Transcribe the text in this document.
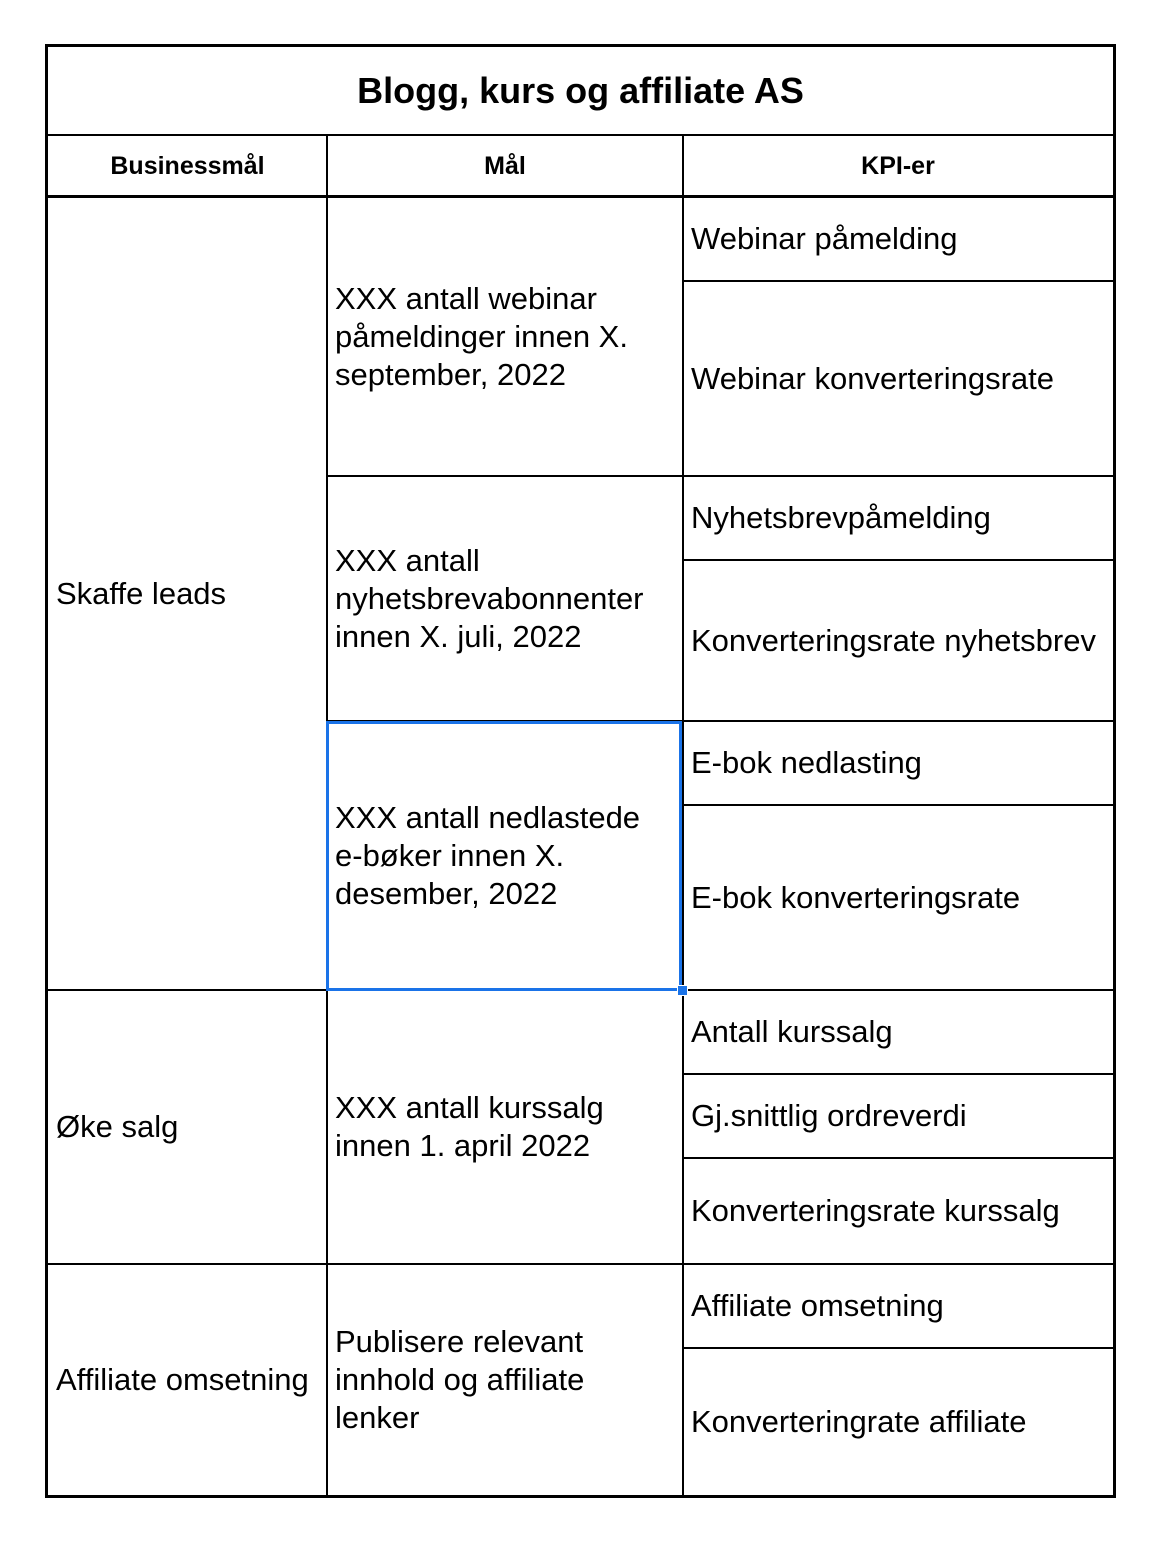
Blogg, kurs og affiliate AS
Businessmål	Mål	KPI-er
Skaffe leads
Øke salg
Affiliate omsetning
XXX antall webinar påmeldinger innen X. september, 2022
XXX antall nyhetsbrevabonnenter innen X. juli, 2022
XXX antall nedlastede e-bøker innen X. desember, 2022
XXX antall kurssalg innen 1. april 2022
Publisere relevant innhold og affiliate lenker
Webinar påmelding
Webinar konverteringsrate
Nyhetsbrevpåmelding
Konverteringsrate nyhetsbrev
E-bok nedlasting
E-bok konverteringsrate
Antall kurssalg
Gj.snittlig ordreverdi
Konverteringsrate kurssalg
Affiliate omsetning
Konverteringrate affiliate
